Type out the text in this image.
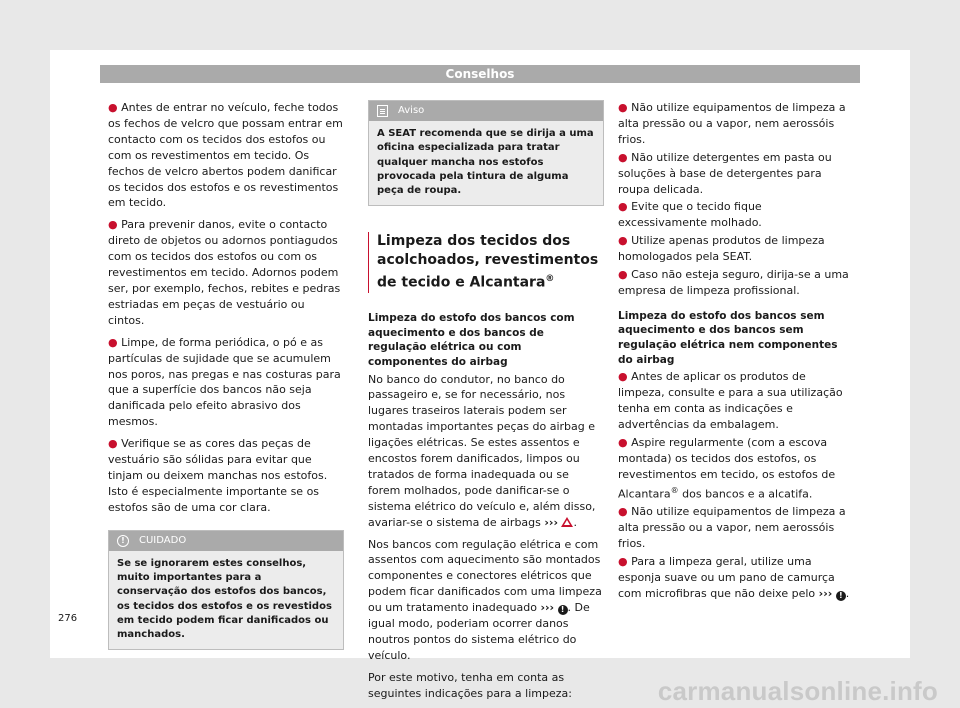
Conselhos

● Antes de entrar no veículo, feche todos os fechos de velcro que possam entrar em contacto com os tecidos dos estofos ou com os revestimentos em tecido. Os fechos de velcro abertos podem danificar os tecidos dos estofos e os revestimentos em tecido.

● Para prevenir danos, evite o contacto direto de objetos ou adornos pontiagudos com os tecidos dos estofos ou com os revestimentos em tecido. Adornos podem ser, por exemplo, fechos, rebites e pedras estriadas em peças de vestuário ou cintos.

● Limpe, de forma periódica, o pó e as partículas de sujidade que se acumulem nos poros, nas pregas e nas costuras para que a superfície dos bancos não seja danificada pelo efeito abrasivo dos mesmos.

● Verifique se as cores das peças de vestuário são sólidas para evitar que tinjam ou deixem manchas nos estofos. Isto é especialmente importante se os estofos são de uma cor clara.

!	CUIDADO
Se se ignorarem estes conselhos, muito importantes para a conservação dos estofos dos bancos, os tecidos dos estofos e os revestidos em tecido podem ficar danificados ou manchados.
Aviso
A SEAT recomenda que se dirija a uma oficina especializada para tratar qualquer mancha nos estofos provocada pela tintura de alguma peça de roupa.
Limpeza dos tecidos dos acolchoados, revestimentos de tecido e Alcantara®

Limpeza do estofo dos bancos com aquecimento e dos bancos de regulação elétrica ou com componentes do airbag

No banco do condutor, no banco do passageiro e, se for necessário, nos lugares traseiros laterais podem ser montadas importantes peças do airbag e ligações elétricas. Se estes assentos e encostos forem danificados, limpos ou tratados de forma inadequada ou se forem molhados, pode danificar-se o sistema elétrico do veículo e, além disso, avariar-se o sistema de airbags ››› .

Nos bancos com regulação elétrica e com assentos com aquecimento são montados componentes e conectores elétricos que podem ficar danificados com uma limpeza ou um tratamento inadequado ››› ! . De igual modo, poderiam ocorrer danos noutros pontos do sistema elétrico do veículo.

Por este motivo, tenha em conta as seguintes indicações para a limpeza:

● Não utilize equipamentos de limpeza a alta pressão ou a vapor, nem aerossóis frios.

● Não utilize detergentes em pasta ou soluções à base de detergentes para roupa delicada.

● Evite que o tecido fique excessivamente molhado.

● Utilize apenas produtos de limpeza homologados pela SEAT.

● Caso não esteja seguro, dirija-se a uma empresa de limpeza profissional.

Limpeza do estofo dos bancos sem aquecimento e dos bancos sem regulação elétrica nem componentes do airbag

● Antes de aplicar os produtos de limpeza, consulte e para a sua utilização tenha em conta as indicações e advertências da embalagem.

● Aspire regularmente (com a escova montada) os tecidos dos estofos, os revestimentos em tecido, os estofos de Alcantara® dos bancos e a alcatifa.

● Não utilize equipamentos de limpeza a alta pressão ou a vapor, nem aerossóis frios.

● Para a limpeza geral, utilize uma esponja suave ou um pano de camurça com microfibras que não deixe pelo ››› ! .

276
carmanualsonline.info
